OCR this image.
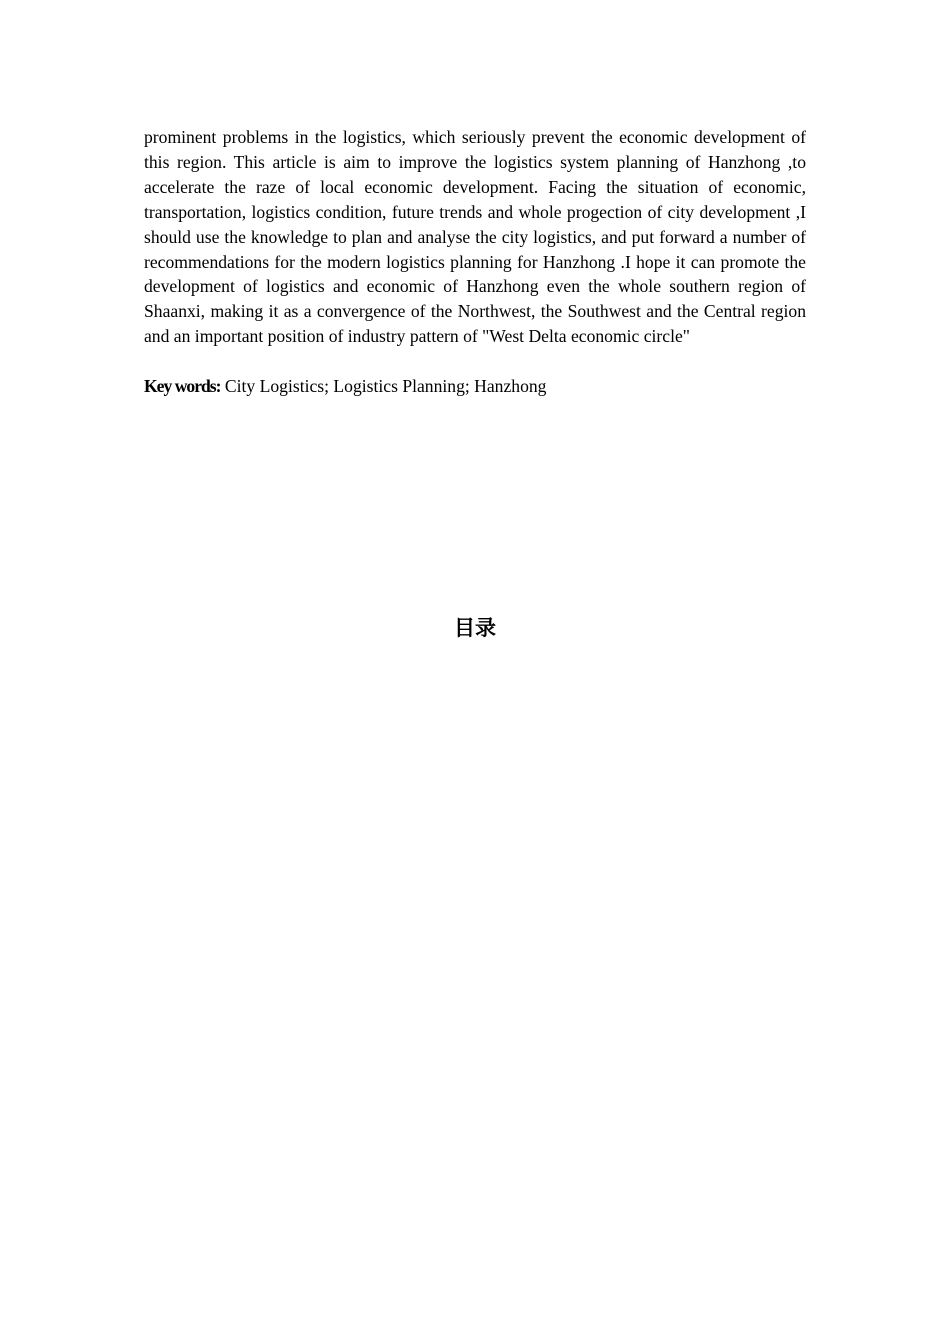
prominent problems in the logistics, which seriously prevent the economic development of this region. This article is aim to improve the logistics system planning of Hanzhong ,to accelerate the raze of local economic development. Facing the situation of economic, transportation, logistics condition, future trends and whole progection of city development ,I should use the knowledge to plan and analyse the city logistics, and put forward a number of recommendations for the modern logistics planning for Hanzhong .I hope it can promote the development of logistics and economic of Hanzhong even the whole southern region of Shaanxi, making it as a convergence of the Northwest, the Southwest and the Central region and an important position of industry pattern of "West Delta economic circle"

Key words: City Logistics; Logistics Planning; Hanzhong

目录
